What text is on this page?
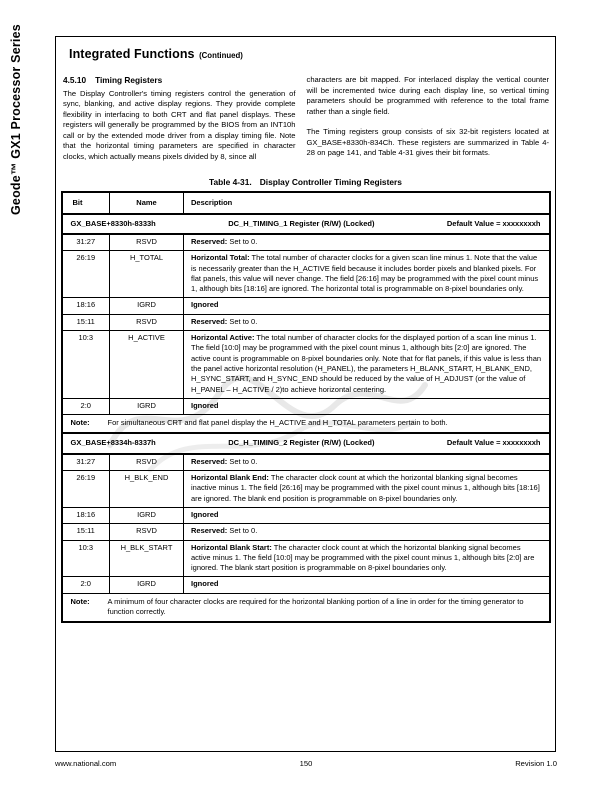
Geode™ GX1 Processor Series	Integrated Functions (Continued)
4.5.10 Timing Registers

The Display Controller's timing registers control the generation of sync, blanking, and active display regions. They provide complete flexibility in interfacing to both CRT and flat panel displays. These registers will generally be programmed by the BIOS from an INT10h call or by the extended mode driver from a display timing file. Note that the horizontal timing parameters are specified in character clocks, which actually means pixels divided by 8, since all

characters are bit mapped. For interlaced display the vertical counter will be incremented twice during each display line, so vertical timing parameters should be programmed with reference to the total frame rather than a single field.

The Timing registers group consists of six 32-bit registers located at GX_BASE+8330h-834Ch. These registers are summarized in Table 4-28 on page 141, and Table 4-31 gives their bit formats.

Table 4-31. Display Controller Timing Registers
Bit	Name	Description

GX_BASE+8330h-8333h DC_H_TIMING_1 Register (R/W) (Locked) Default Value = xxxxxxxxh		

31:27	RSVD	Reserved: Set to 0.
26:19	H_TOTAL	Horizontal Total: The total number of character clocks for a given scan line minus 1. Note that the value is necessarily greater than the H_ACTIVE field because it includes border pixels and blanked pixels. For flat panels, this value will never change. The field [26:16] may be programmed with the pixel count minus 1, although bits [18:16] are ignored. The horizontal total is programmable on 8-pixel boundaries only.
18:16	IGRD	Ignored
15:11	RSVD	Reserved: Set to 0.
10:3	H_ACTIVE	Horizontal Active: The total number of character clocks for the displayed portion of a scan line minus 1. The field [10:0] may be programmed with the pixel count minus 1, although bits [2:0] are ignored. The active count is programmable on 8-pixel boundaries only. Note that for flat panels, if this value is less than the panel active horizontal resolution (H_PANEL), the parameters H_BLANK_START, H_BLANK_END, H_SYNC_START, and H_SYNC_END should be reduced by the value of H_ADJUST (or the value of H_PANEL – H_ACTIVE / 2)to achieve horizontal centering.
2:0	IGRD	Ignored

Note: For simultaneous CRT and flat panel display the H_ACTIVE and H_TOTAL parameters pertain to both.		

GX_BASE+8334h-8337h DC_H_TIMING_2 Register (R/W) (Locked) Default Value = xxxxxxxxh		

31:27	RSVD	Reserved: Set to 0.
26:19	H_BLK_END	Horizontal Blank End: The character clock count at which the horizontal blanking signal becomes inactive minus 1. The field [26:16] may be programmed with the pixel count minus 1, although bits [18:16] are ignored. The blank end position is programmable on 8-pixel boundaries only.
18:16	IGRD	Ignored
15:11	RSVD	Reserved: Set to 0.
10:3	H_BLK_START	Horizontal Blank Start: The character clock count at which the horizontal blanking signal becomes active minus 1. The field [10:0] may be programmed with the pixel count minus 1, although bits [2:0] are ignored. The blank start position is programmable on 8-pixel boundaries only.
2:0	IGRD	Ignored

Note: A minimum of four character clocks are required for the horizontal blanking portion of a line in order for the timing generator to function correctly.		
150
www.national.com	Revision 1.0
